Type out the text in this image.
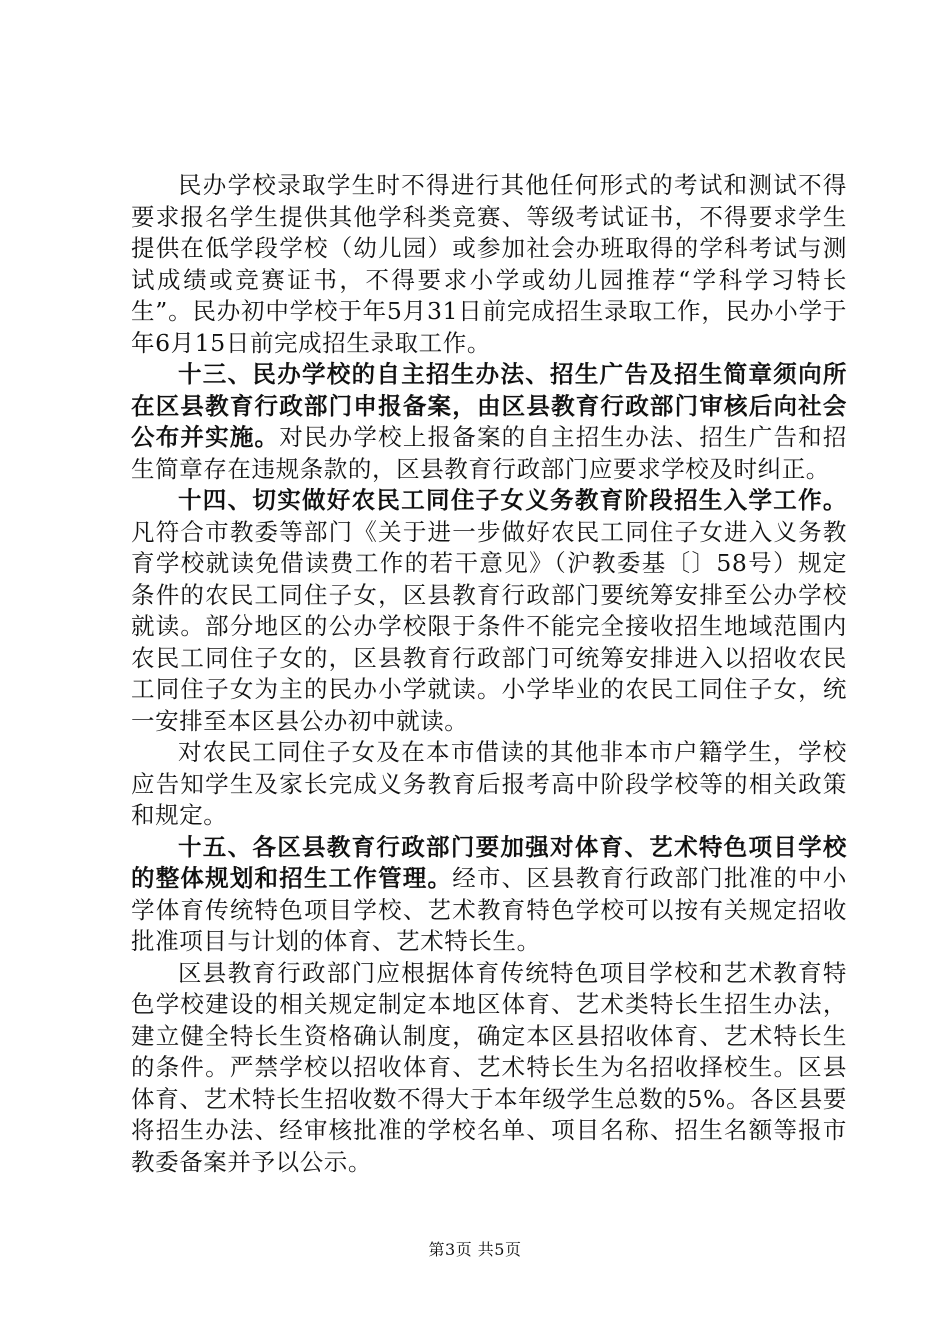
民办学校录取学生时不得进行其他任何形式的考试和测试不得要求报名学生提供其他学科类竞赛、等级考试证书，不得要求学生提供在低学段学校（幼儿园）或参加社会办班取得的学科考试与测试成绩或竞赛证书，不得要求小学或幼儿园推荐“学科学习特长生”。民办初中学校于年5月31日前完成招生录取工作，民办小学于年6月15日前完成招生录取工作。

十三、民办学校的自主招生办法、招生广告及招生简章须向所在区县教育行政部门申报备案，由区县教育行政部门审核后向社会公布并实施。对民办学校上报备案的自主招生办法、招生广告和招生简章存在违规条款的，区县教育行政部门应要求学校及时纠正。

十四、切实做好农民工同住子女义务教育阶段招生入学工作。凡符合市教委等部门《关于进一步做好农民工同住子女进入义务教育学校就读免借读费工作的若干意见》（沪教委基〔〕58号）规定条件的农民工同住子女，区县教育行政部门要统筹安排至公办学校就读。部分地区的公办学校限于条件不能完全接收招生地域范围内农民工同住子女的，区县教育行政部门可统筹安排进入以招收农民工同住子女为主的民办小学就读。小学毕业的农民工同住子女，统一安排至本区县公办初中就读。

对农民工同住子女及在本市借读的其他非本市户籍学生，学校应告知学生及家长完成义务教育后报考高中阶段学校等的相关政策和规定。

十五、各区县教育行政部门要加强对体育、艺术特色项目学校的整体规划和招生工作管理。经市、区县教育行政部门批准的中小学体育传统特色项目学校、艺术教育特色学校可以按有关规定招收批准项目与计划的体育、艺术特长生。

区县教育行政部门应根据体育传统特色项目学校和艺术教育特色学校建设的相关规定制定本地区体育、艺术类特长生招生办法，建立健全特长生资格确认制度，确定本区县招收体育、艺术特长生的条件。严禁学校以招收体育、艺术特长生为名招收择校生。区县体育、艺术特长生招收数不得大于本年级学生总数的5%。各区县要将招生办法、经审核批准的学校名单、项目名称、招生名额等报市教委备案并予以公示。

第3页 共5页
